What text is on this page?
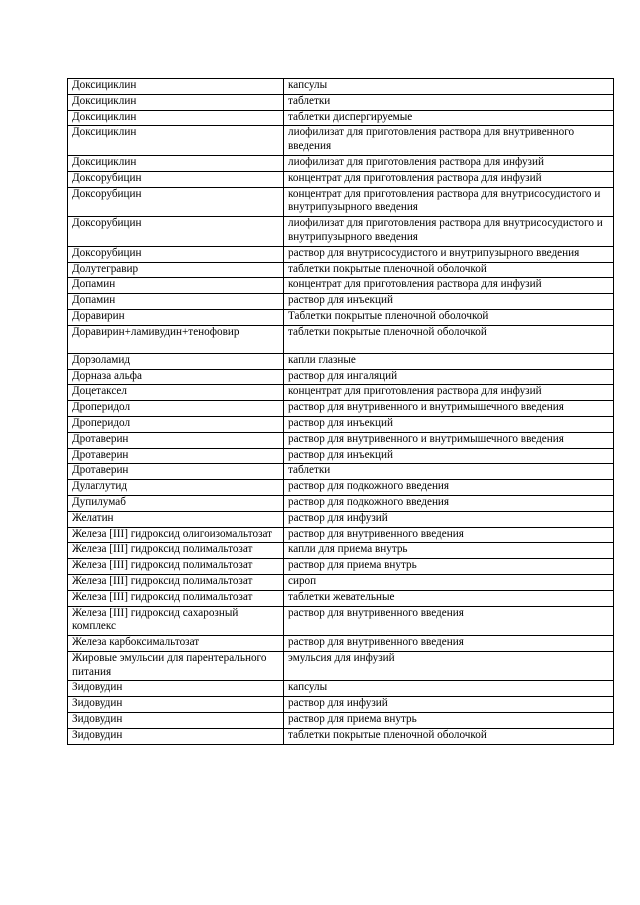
Доксициклин	капсулы
Доксициклин	таблетки
Доксициклин	таблетки диспергируемые
Доксициклин	лиофилизат для приготовления раствора для внутривенного введения
Доксициклин	лиофилизат для приготовления раствора для инфузий
Доксорубицин	концентрат для приготовления раствора для инфузий
Доксорубицин	концентрат для приготовления раствора для внутрисосудистого и внутрипузырного введения
Доксорубицин	лиофилизат для приготовления раствора для внутрисосудистого и внутрипузырного введения
Доксорубицин	раствор для внутрисосудистого и внутрипузырного введения
Долутегравир	таблетки покрытые пленочной оболочкой
Допамин	концентрат для приготовления раствора для инфузий
Допамин	раствор для инъекций
Доравирин	Таблетки покрытые пленочной оболочкой
Доравирин+ламивудин+тенофовир	таблетки покрытые пленочной оболочкой
Дорзоламид	капли глазные
Дорназа альфа	раствор для ингаляций
Доцетаксел	концентрат для приготовления раствора для инфузий
Дроперидол	раствор для внутривенного и внутримышечного введения
Дроперидол	раствор для инъекций
Дротаверин	раствор для внутривенного и внутримышечного введения
Дротаверин	раствор для инъекций
Дротаверин	таблетки
Дулаглутид	раствор для подкожного введения
Дупилумаб	раствор для подкожного введения
Желатин	раствор для инфузий
Железа [III] гидроксид олигоизомальтозат	раствор для внутривенного введения
Железа [III] гидроксид полимальтозат	капли для приема внутрь
Железа [III] гидроксид полимальтозат	раствор для приема внутрь
Железа [III] гидроксид полимальтозат	сироп
Железа [III] гидроксид полимальтозат	таблетки жевательные
Железа [III] гидроксид сахарозный комплекс	раствор для внутривенного введения
Железа карбоксимальтозат	раствор для внутривенного введения
Жировые эмульсии для парентерального питания	эмульсия для инфузий
Зидовудин	капсулы
Зидовудин	раствор для инфузий
Зидовудин	раствор для приема внутрь
Зидовудин	таблетки покрытые пленочной оболочкой
